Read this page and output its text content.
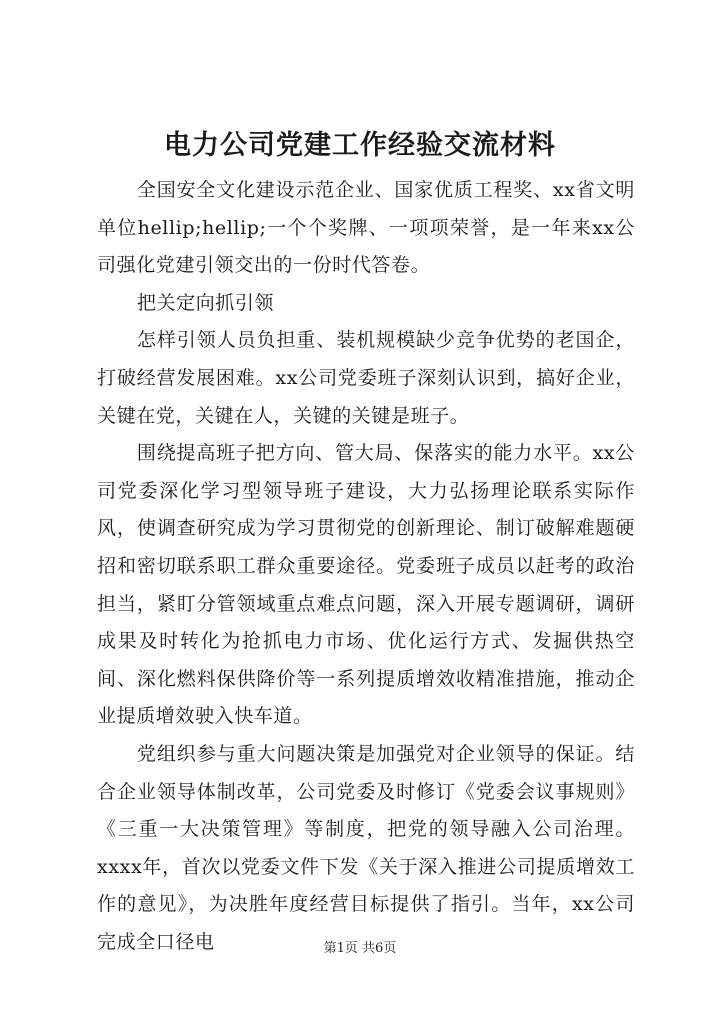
电力公司党建工作经验交流材料

全国安全文化建设示范企业、国家优质工程奖、xx省文明单位hellip;hellip;一个个奖牌、一项项荣誉，是一年来xx公司强化党建引领交出的一份时代答卷。

把关定向抓引领

怎样引领人员负担重、装机规模缺少竞争优势的老国企，打破经营发展困难。xx公司党委班子深刻认识到，搞好企业，关键在党，关键在人，关键的关键是班子。

围绕提高班子把方向、管大局、保落实的能力水平。xx公司党委深化学习型领导班子建设，大力弘扬理论联系实际作风，使调查研究成为学习贯彻党的创新理论、制订破解难题硬招和密切联系职工群众重要途径。党委班子成员以赶考的政治担当，紧盯分管领域重点难点问题，深入开展专题调研，调研成果及时转化为抢抓电力市场、优化运行方式、发掘供热空间、深化燃料保供降价等一系列提质增效收精准措施，推动企业提质增效驶入快车道。

党组织参与重大问题决策是加强党对企业领导的保证。结合企业领导体制改革，公司党委及时修订《党委会议事规则》《三重一大决策管理》等制度，把党的领导融入公司治理。xxxx年，首次以党委文件下发《关于深入推进公司提质增效工作的意见》，为决胜年度经营目标提供了指引。当年，xx公司完成全口径电	第1页 共6页
